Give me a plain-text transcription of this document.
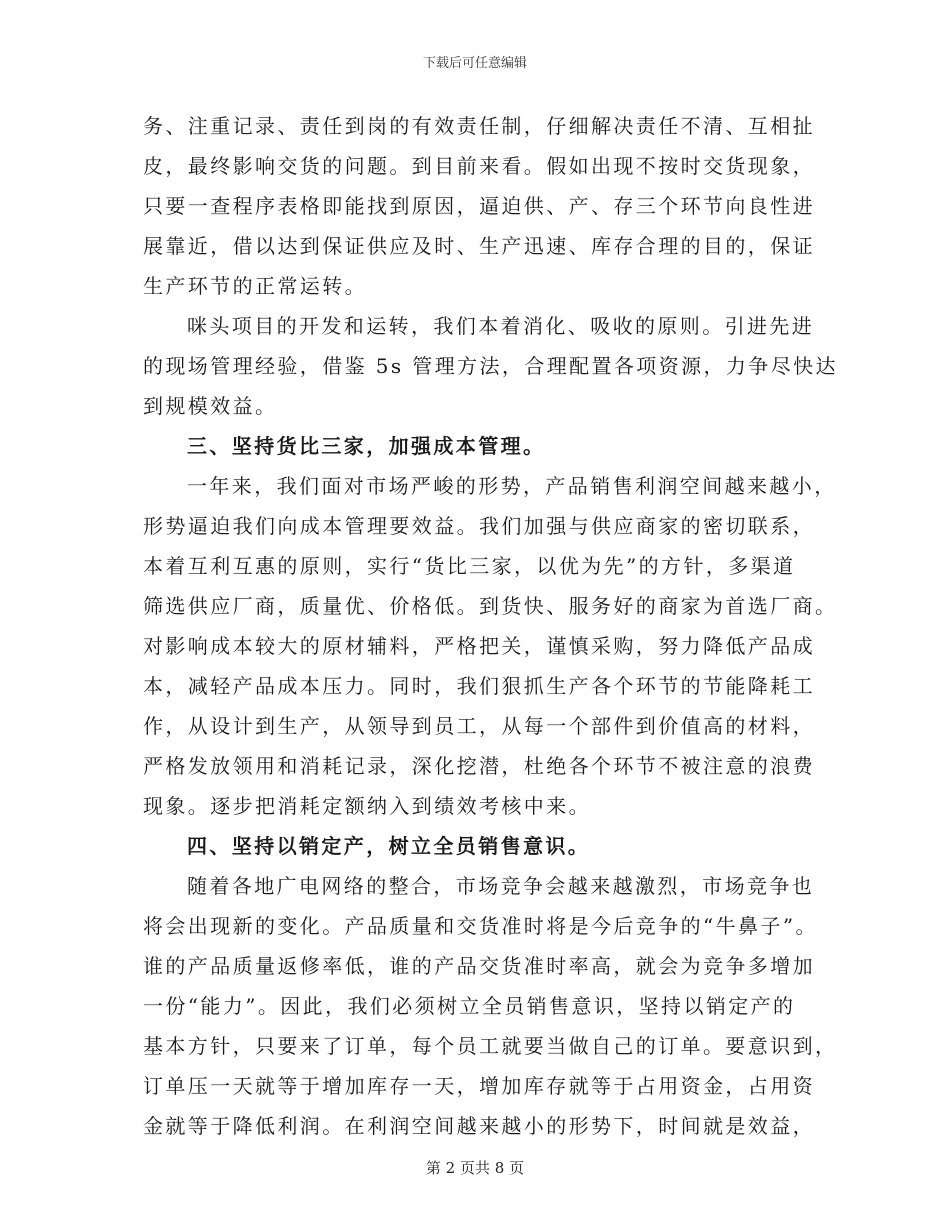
下载后可任意编辑
务、注重记录、责任到岗的有效责任制，仔细解决责任不清、互相扯
皮，最终影响交货的问题。到目前来看。假如出现不按时交货现象，
只要一查程序表格即能找到原因，逼迫供、产、存三个环节向良性进
展靠近，借以达到保证供应及时、生产迅速、库存合理的目的，保证
生产环节的正常运转。
咪头项目的开发和运转，我们本着消化、吸收的原则。引进先进
的现场管理经验，借鉴 5s 管理方法，合理配置各项资源，力争尽快达
到规模效益。
三、坚持货比三家，加强成本管理。
一年来，我们面对市场严峻的形势，产品销售利润空间越来越小，
形势逼迫我们向成本管理要效益。我们加强与供应商家的密切联系，
本着互利互惠的原则，实行“货比三家，以优为先”的方针，多渠道
筛选供应厂商，质量优、价格低。到货快、服务好的商家为首选厂商。
对影响成本较大的原材辅料，严格把关，谨慎采购，努力降低产品成
本，减轻产品成本压力。同时，我们狠抓生产各个环节的节能降耗工
作，从设计到生产，从领导到员工，从每一个部件到价值高的材料，
严格发放领用和消耗记录，深化挖潜，杜绝各个环节不被注意的浪费
现象。逐步把消耗定额纳入到绩效考核中来。
四、坚持以销定产，树立全员销售意识。
随着各地广电网络的整合，市场竞争会越来越激烈，市场竞争也
将会出现新的变化。产品质量和交货准时将是今后竞争的“牛鼻子”。
谁的产品质量返修率低，谁的产品交货准时率高，就会为竞争多增加
一份“能力”。因此，我们必须树立全员销售意识，坚持以销定产的
基本方针，只要来了订单，每个员工就要当做自己的订单。要意识到，
订单压一天就等于增加库存一天，增加库存就等于占用资金，占用资
金就等于降低利润。在利润空间越来越小的形势下，时间就是效益，
第 2 页共 8 页
